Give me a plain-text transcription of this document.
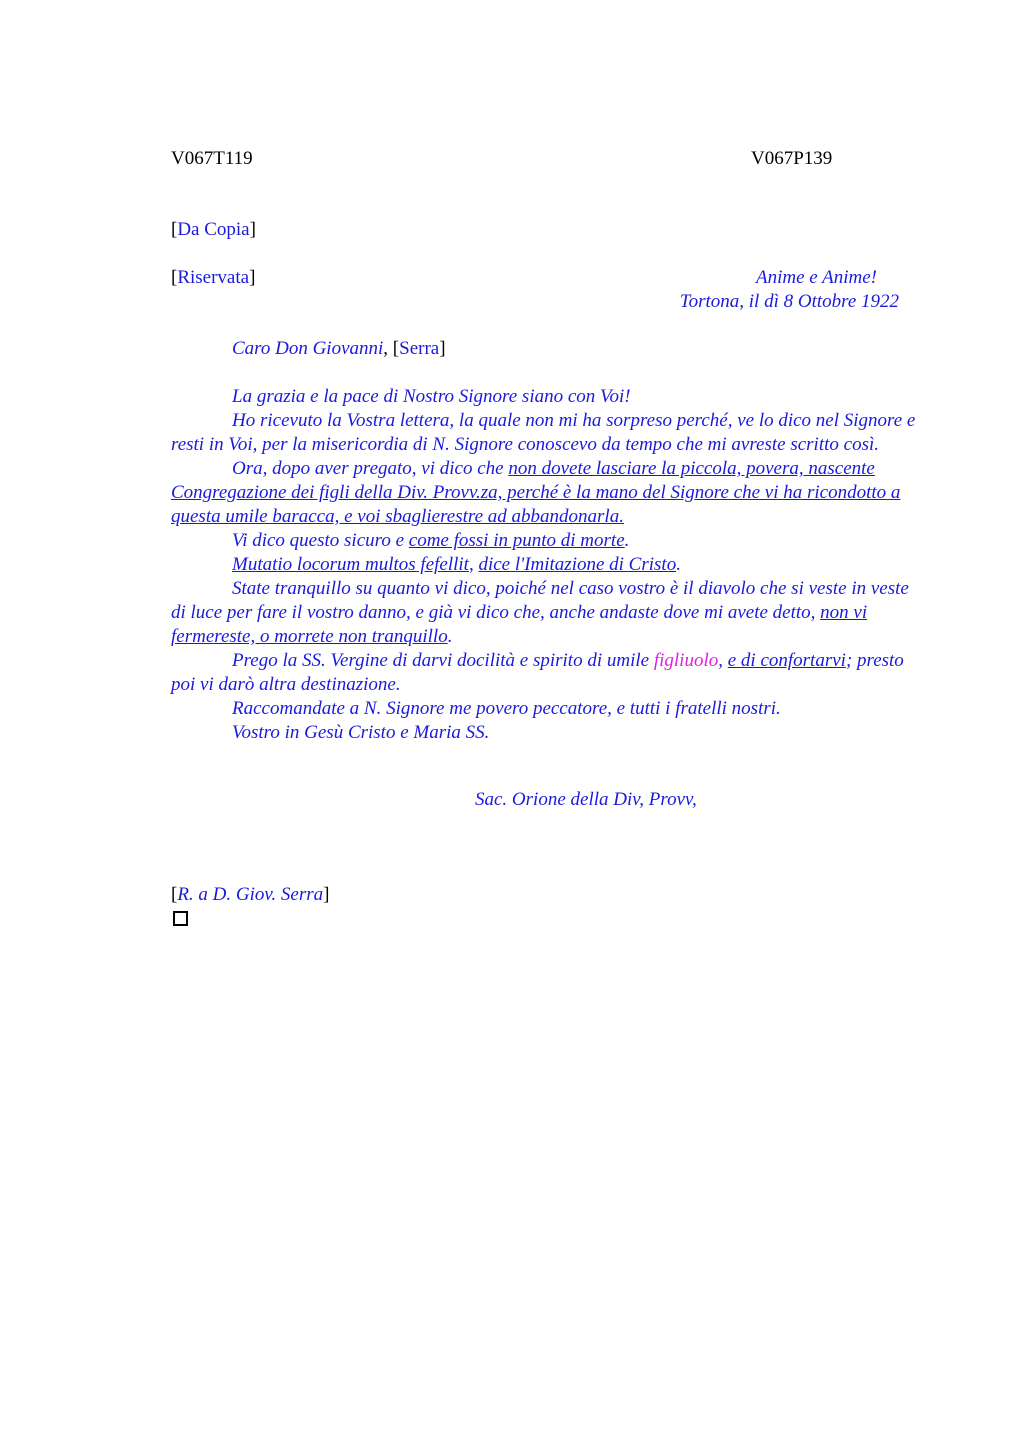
V067T119	V067P139
[Da Copia]
[Riservata]	Anime e Anime!
Tortona, il dì 8 Ottobre 1922
Caro Don Giovanni, [Serra]

La grazia e la pace di Nostro Signore siano con Voi!

Ho ricevuto la Vostra lettera, la quale non mi ha sorpreso perché, ve lo dico nel Signore e resti in Voi, per la misericordia di N. Signore conoscevo da tempo che mi avreste scritto così.

Ora, dopo aver pregato, vi dico che non dovete lasciare la piccola, povera, nascente Congregazione dei figli della Div. Provv.za, perché è la mano del Signore che vi ha ricondotto a questa umile baracca, e voi sbaglierestre ad abbandonarla.

Vi dico questo sicuro e come fossi in punto di morte.

Mutatio locorum multos fefellit, dice l'Imitazione di Cristo.

State tranquillo su quanto vi dico, poiché nel caso vostro è il diavolo che si veste in veste di luce per fare il vostro danno, e già vi dico che, anche andaste dove mi avete detto, non vi fermereste, o morrete non tranquillo.

Prego la SS. Vergine di darvi docilità e spirito di umile figliuolo, e di confortarvi; presto poi vi darò altra destinazione.

Raccomandate a N. Signore me povero peccatore, e tutti i fratelli nostri.

Vostro in Gesù Cristo e Maria SS.

Sac. Orione della Div, Provv,
[R. a D. Giov. Serra]
